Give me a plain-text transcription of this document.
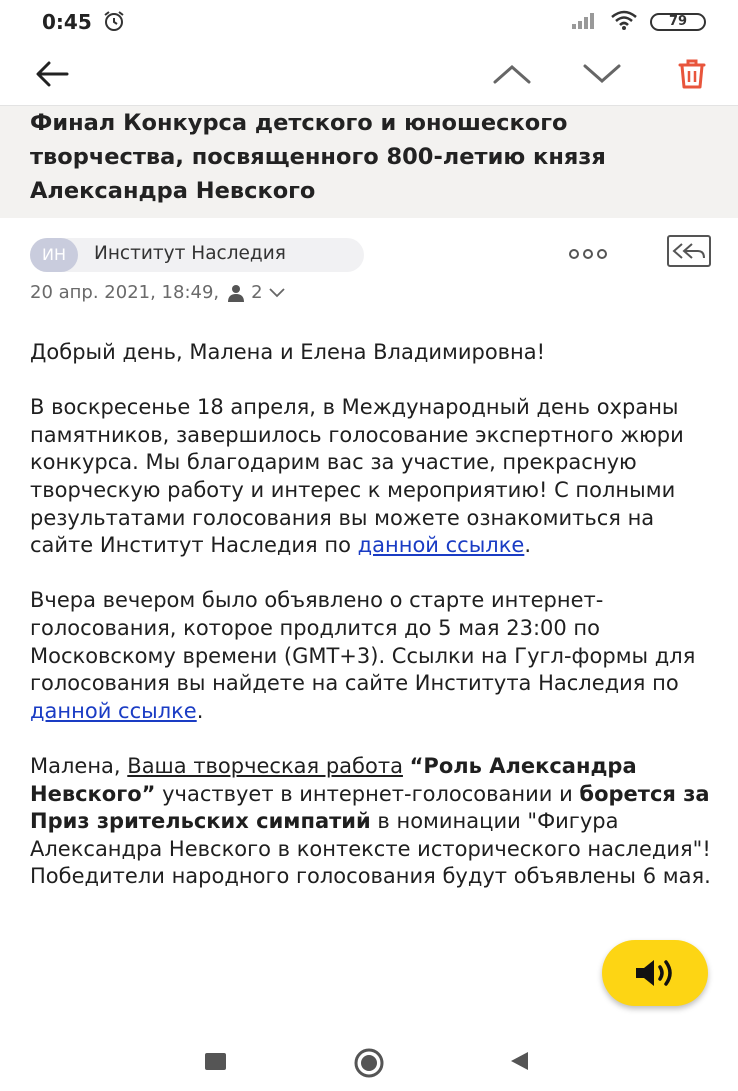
0:45	79
Финал Конкурса детского и юношеского творчества, посвященного 800-летию князя Александра Невского
ИН	Институт Наследия
20 апр. 2021, 18:49, 2

Добрый день, Малена и Елена Владимировна!

В воскресенье 18 апреля, в Международный день охраны памятников, завершилось голосование экспертного жюри конкурса. Мы благодарим вас за участие, прекрасную творческую работу и интерес к мероприятию! С полными результатами голосования вы можете ознакомиться на сайте Институт Наследия по данной ссылке.

Вчера вечером было объявлено о старте интернет-голосования, которое продлится до 5 мая 23:00 по Московскому времени (GMT+3). Ссылки на Гугл-формы для голосования вы найдете на сайте Института Наследия по данной ссылке.

Малена, Ваша творческая работа “Роль Александра Невского” участвует в интернет-голосовании и борется за Приз зрительских симпатий в номинации "Фигура Александра Невского в контексте исторического наследия"! Победители народного голосования будут объявлены 6 мая.
